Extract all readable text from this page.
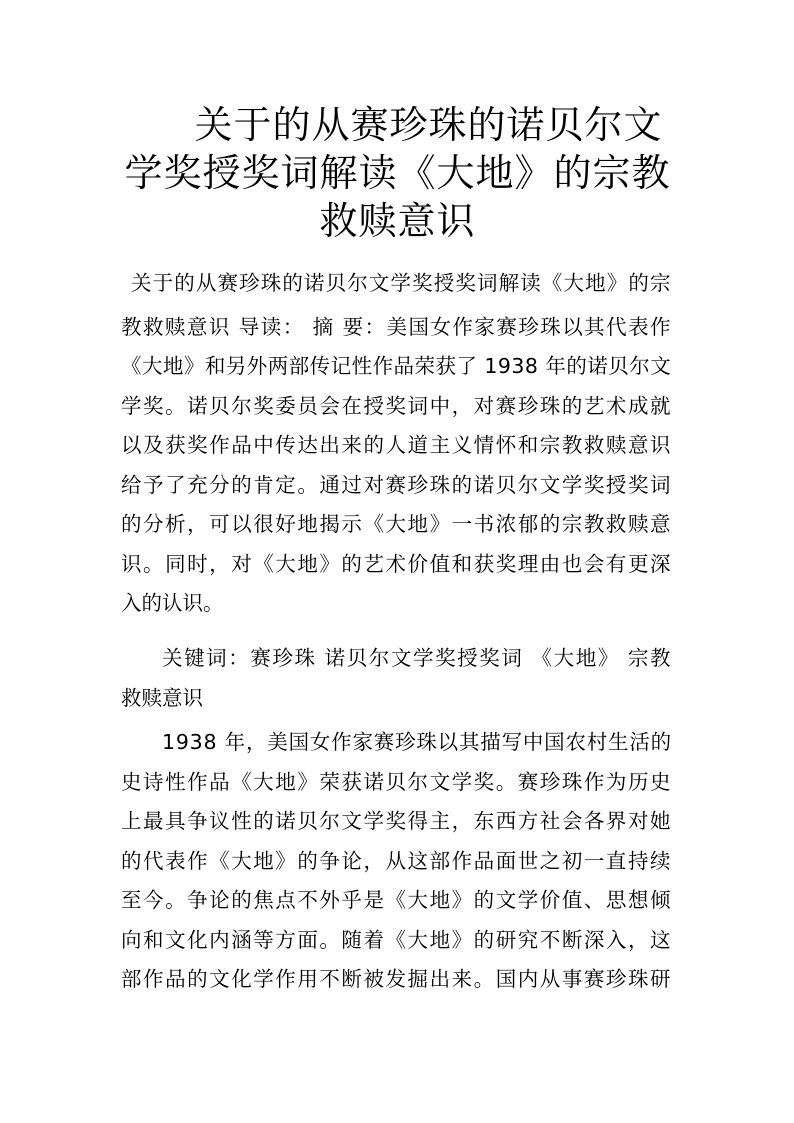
关于的从赛珍珠的诺贝尔文
学奖授奖词解读《大地》的宗教
救赎意识
关于的从赛珍珠的诺贝尔文学奖授奖词解读《大地》的宗
教救赎意识 导读： 摘 要：美国女作家赛珍珠以其代表作
《大地》和另外两部传记性作品荣获了 1938 年的诺贝尔文
学奖。诺贝尔奖委员会在授奖词中，对赛珍珠的艺术成就
以及获奖作品中传达出来的人道主义情怀和宗教救赎意识
给予了充分的肯定。通过对赛珍珠的诺贝尔文学奖授奖词
的分析，可以很好地揭示《大地》一书浓郁的宗教救赎意
识。同时，对《大地》的艺术价值和获奖理由也会有更深
入的认识。
关键词：赛珍珠 诺贝尔文学奖授奖词 《大地》 宗教
救赎意识
1938 年，美国女作家赛珍珠以其描写中国农村生活的
史诗性作品《大地》荣获诺贝尔文学奖。赛珍珠作为历史
上最具争议性的诺贝尔文学奖得主，东西方社会各界对她
的代表作《大地》的争论，从这部作品面世之初一直持续
至今。争论的焦点不外乎是《大地》的文学价值、思想倾
向和文化内涵等方面。随着《大地》的研究不断深入，这
部作品的文化学作用不断被发掘出来。国内从事赛珍珠研
